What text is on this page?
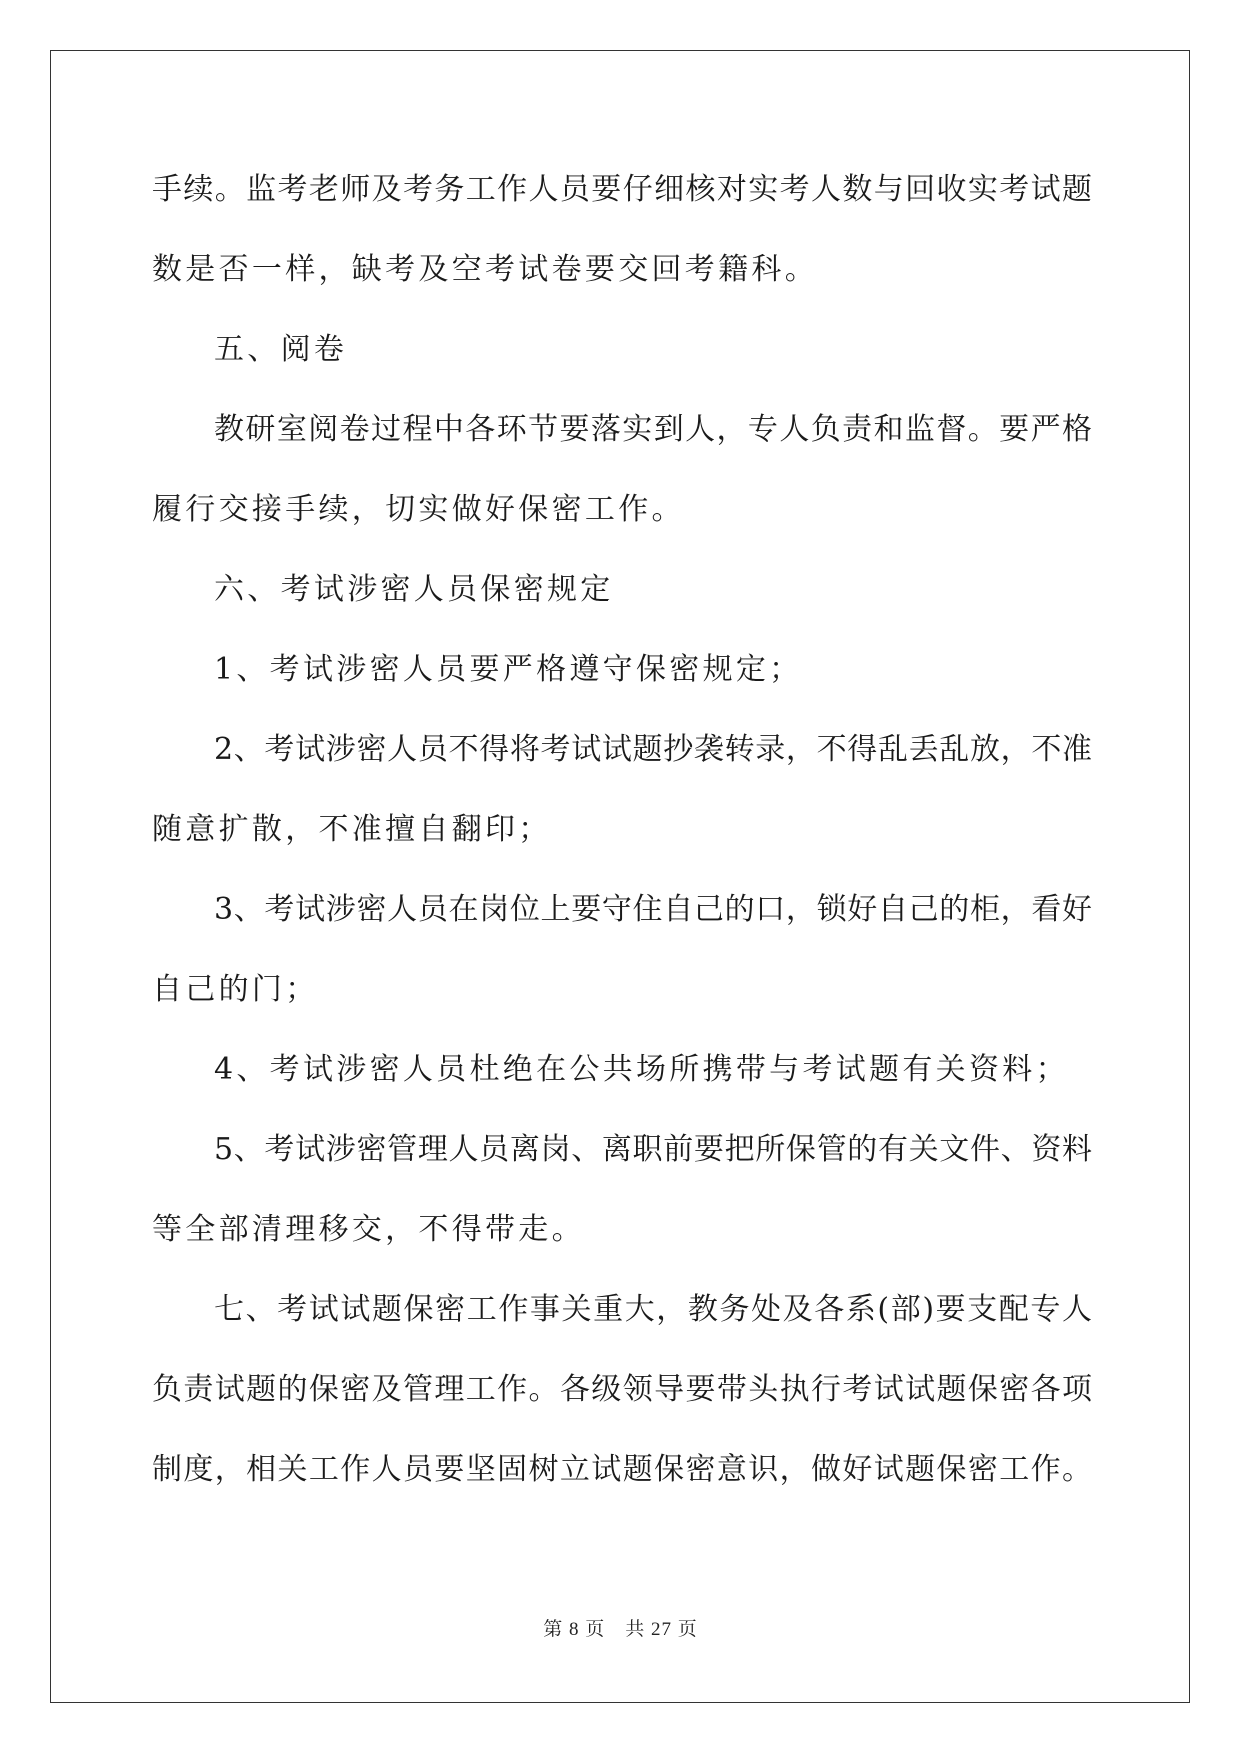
手续。监考老师及考务工作人员要仔细核对实考人数与回收实考试题
数是否一样，缺考及空考试卷要交回考籍科。
五、阅卷
教研室阅卷过程中各环节要落实到人，专人负责和监督。要严格
履行交接手续，切实做好保密工作。
六、考试涉密人员保密规定
1、考试涉密人员要严格遵守保密规定；
2、考试涉密人员不得将考试试题抄袭转录，不得乱丢乱放，不准
随意扩散，不准擅自翻印；
3、考试涉密人员在岗位上要守住自己的口，锁好自己的柜，看好
自己的门；
4、考试涉密人员杜绝在公共场所携带与考试题有关资料；
5、考试涉密管理人员离岗、离职前要把所保管的有关文件、资料
等全部清理移交，不得带走。
七、考试试题保密工作事关重大，教务处及各系(部)要支配专人
负责试题的保密及管理工作。各级领导要带头执行考试试题保密各项
制度，相关工作人员要坚固树立试题保密意识，做好试题保密工作。
第 8 页　共 27 页
